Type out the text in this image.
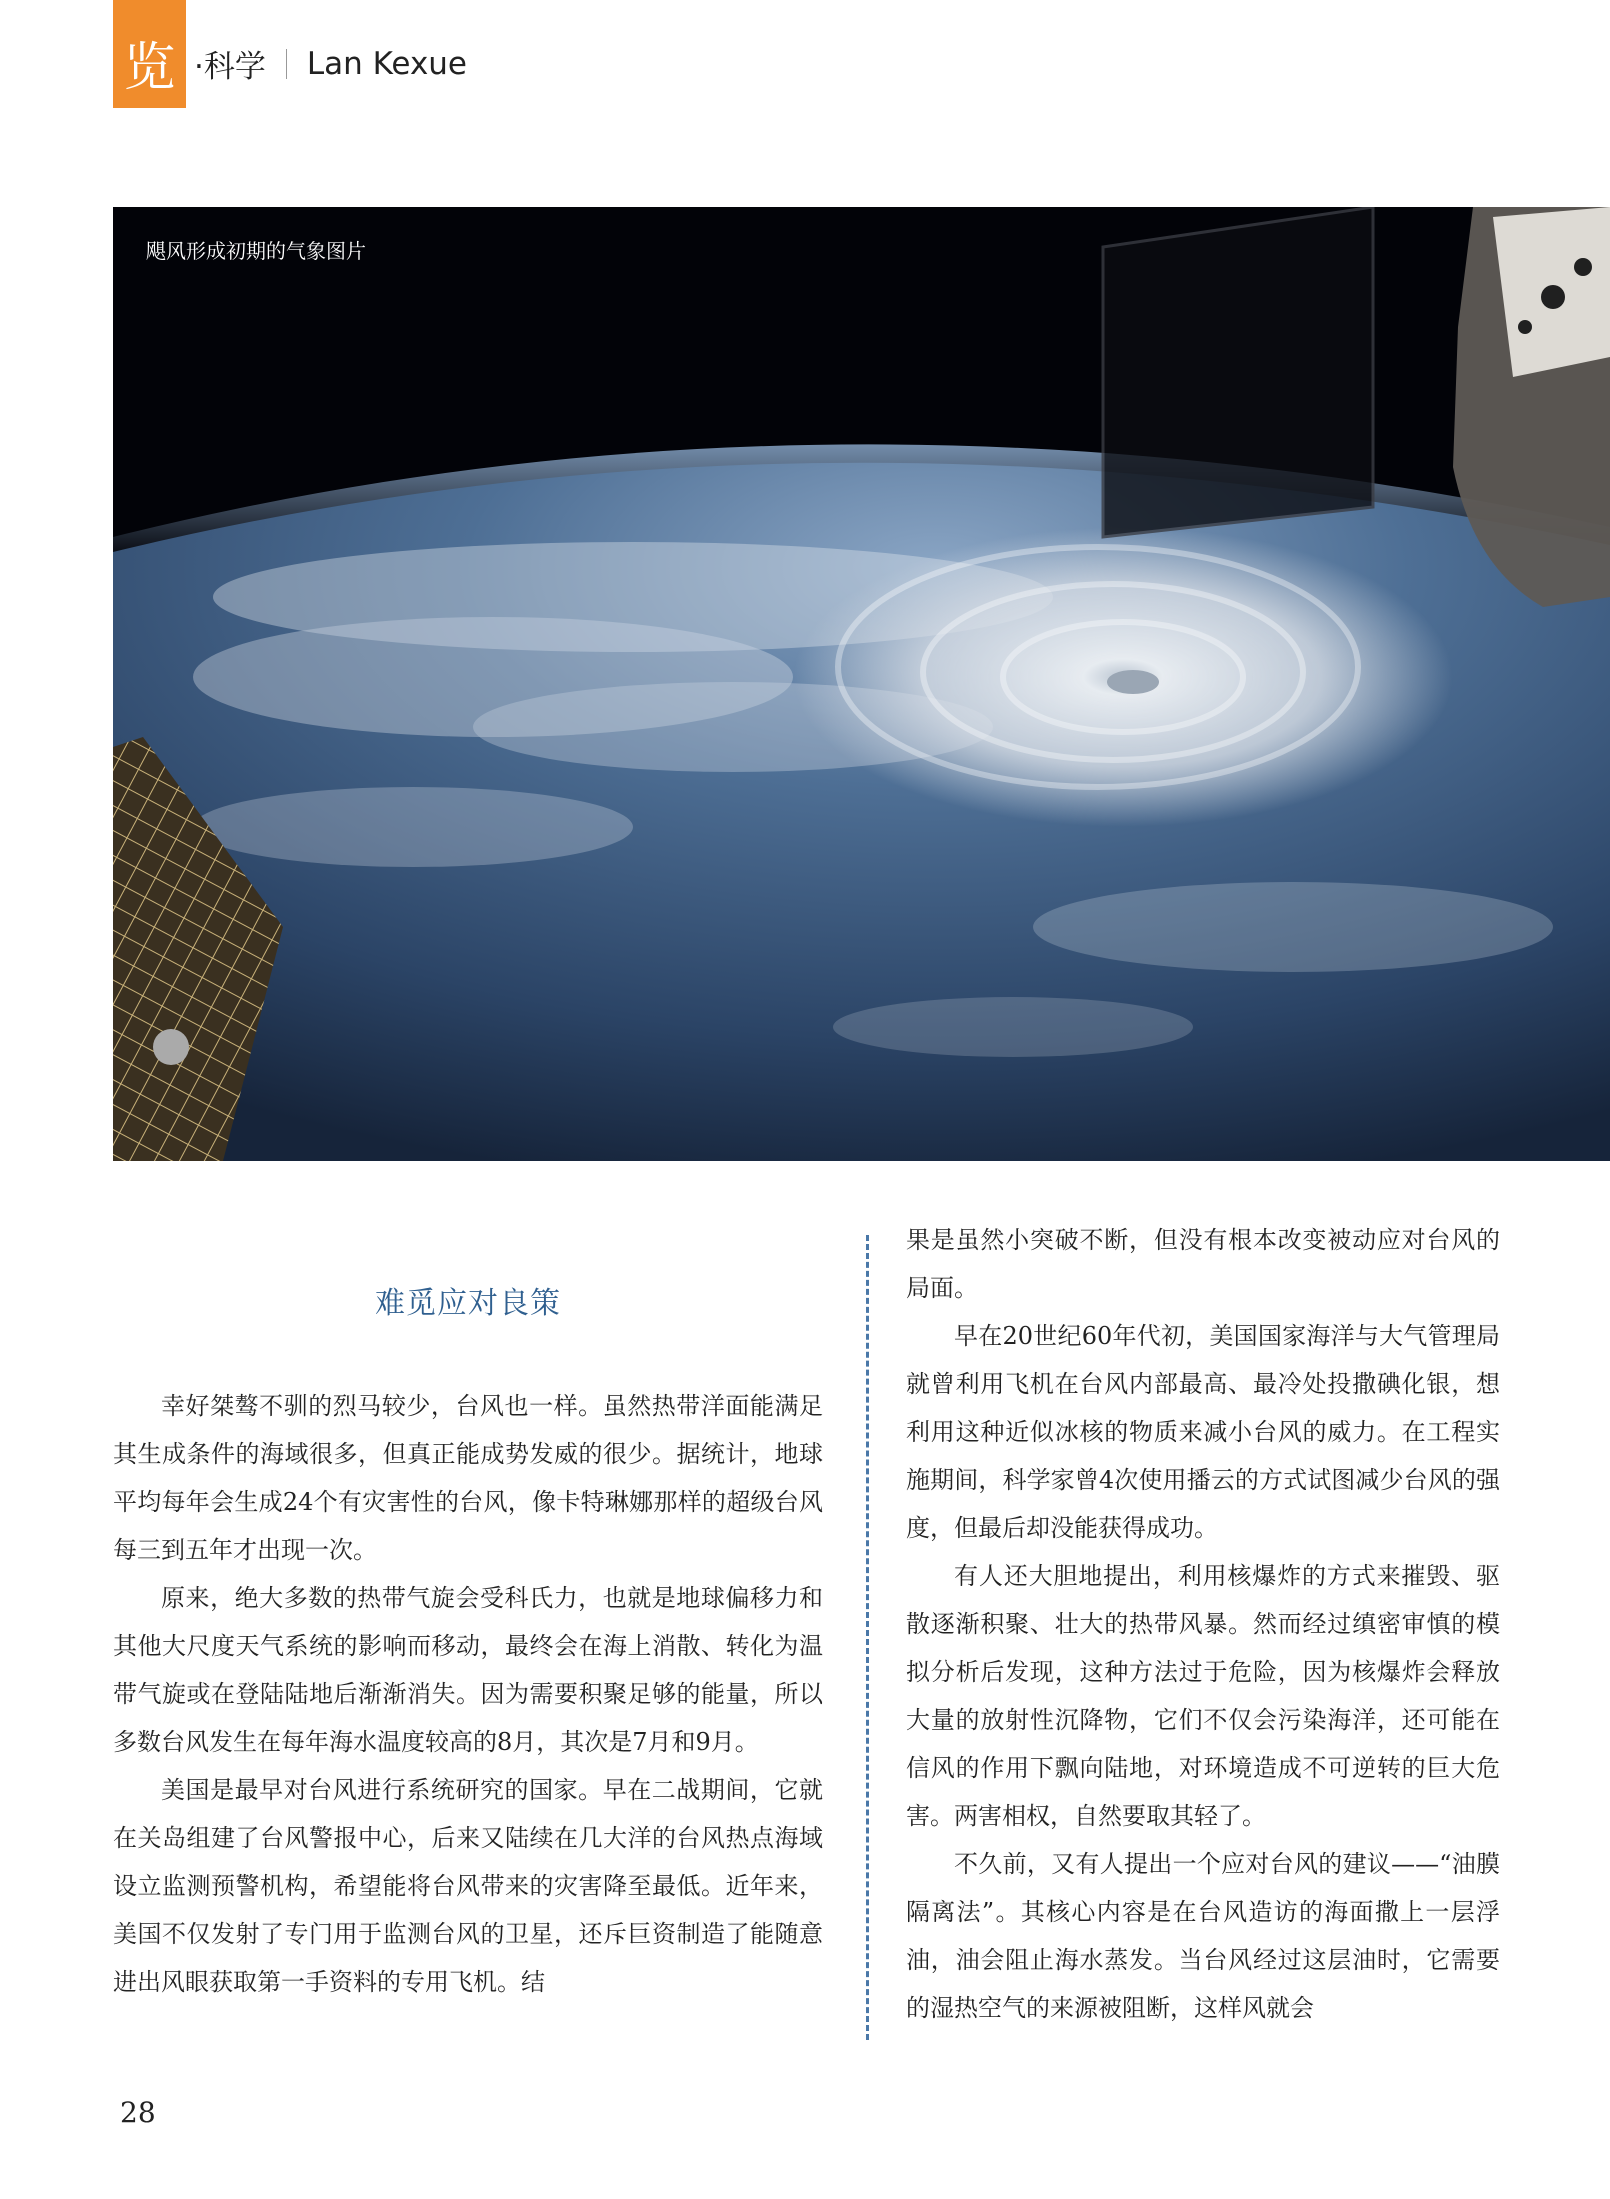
览 ·科学 Lan Kexue
飓风形成初期的气象图片
难觅应对良策

幸好桀骜不驯的烈马较少，台风也一样。虽然热带洋面能满足其生成条件的海域很多，但真正能成势发威的很少。据统计，地球平均每年会生成24个有灾害性的台风，像卡特琳娜那样的超级台风每三到五年才出现一次。

原来，绝大多数的热带气旋会受科氏力，也就是地球偏移力和其他大尺度天气系统的影响而移动，最终会在海上消散、转化为温带气旋或在登陆陆地后渐渐消失。因为需要积聚足够的能量，所以多数台风发生在每年海水温度较高的8月，其次是7月和9月。

美国是最早对台风进行系统研究的国家。早在二战期间，它就在关岛组建了台风警报中心，后来又陆续在几大洋的台风热点海域设立监测预警机构，希望能将台风带来的灾害降至最低。近年来，美国不仅发射了专门用于监测台风的卫星，还斥巨资制造了能随意进出风眼获取第一手资料的专用飞机。结

果是虽然小突破不断，但没有根本改变被动应对台风的局面。

早在20世纪60年代初，美国国家海洋与大气管理局就曾利用飞机在台风内部最高、最冷处投撒碘化银，想利用这种近似冰核的物质来减小台风的威力。在工程实施期间，科学家曾4次使用播云的方式试图减少台风的强度，但最后却没能获得成功。

有人还大胆地提出，利用核爆炸的方式来摧毁、驱散逐渐积聚、壮大的热带风暴。然而经过缜密审慎的模拟分析后发现，这种方法过于危险，因为核爆炸会释放大量的放射性沉降物，它们不仅会污染海洋，还可能在信风的作用下飘向陆地，对环境造成不可逆转的巨大危害。两害相权，自然要取其轻了。

不久前，又有人提出一个应对台风的建议——“油膜隔离法”。其核心内容是在台风造访的海面撒上一层浮油，油会阻止海水蒸发。当台风经过这层油时，它需要的湿热空气的来源被阻断，这样风就会

28
